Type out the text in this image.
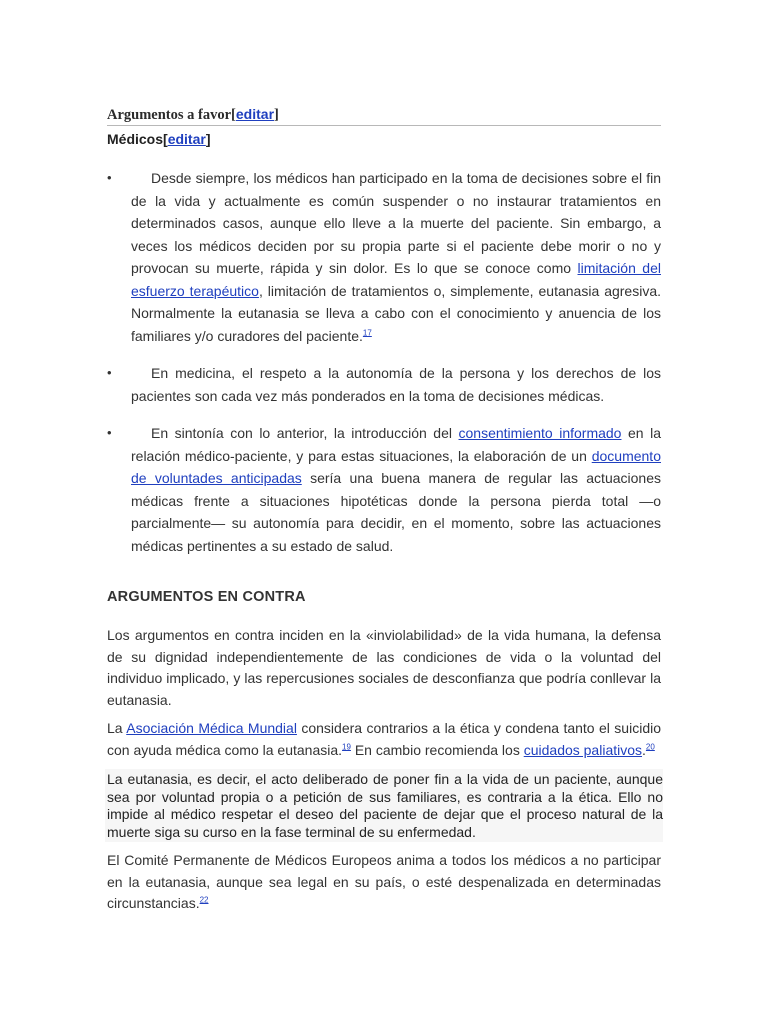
Argumentos a favor[editar]
Médicos[editar]
•	Desde siempre, los médicos han participado en la toma de decisiones sobre el fin de la vida y actualmente es común suspender o no instaurar tratamientos en determinados casos, aunque ello lleve a la muerte del paciente. Sin embargo, a veces los médicos deciden por su propia parte si el paciente debe morir o no y provocan su muerte, rápida y sin dolor. Es lo que se conoce como limitación del esfuerzo terapéutico, limitación de tratamientos o, simplemente, eutanasia agresiva. Normalmente la eutanasia se lleva a cabo con el conocimiento y anuencia de los familiares y/o curadores del paciente.$^{17}$

•	En medicina, el respeto a la autonomía de la persona y los derechos de los pacientes son cada vez más ponderados en la toma de decisiones médicas.

•	En sintonía con lo anterior, la introducción del consentimiento informado en la relación médico-paciente, y para estas situaciones, la elaboración de un documento de voluntades anticipadas sería una buena manera de regular las actuaciones médicas frente a situaciones hipotéticas donde la persona pierda total —o parcialmente— su autonomía para decidir, en el momento, sobre las actuaciones médicas pertinentes a su estado de salud.

ARGUMENTOS EN CONTRA

Los argumentos en contra inciden en la «inviolabilidad» de la vida humana, la defensa de su dignidad independientemente de las condiciones de vida o la voluntad del individuo implicado, y las repercusiones sociales de desconfianza que podría conllevar la eutanasia.

La Asociación Médica Mundial considera contrarios a la ética y condena tanto el suicidio con ayuda médica como la eutanasia.$^{19}$ En cambio recomienda los cuidados paliativos.$^{20}$

La eutanasia, es decir, el acto deliberado de poner fin a la vida de un paciente, aunque sea por voluntad propia o a petición de sus familiares, es contraria a la ética. Ello no impide al médico respetar el deseo del paciente de dejar que el proceso natural de la muerte siga su curso en la fase terminal de su enfermedad.

El Comité Permanente de Médicos Europeos anima a todos los médicos a no participar en la eutanasia, aunque sea legal en su país, o esté despenalizada en determinadas circunstancias.$^{22}$
